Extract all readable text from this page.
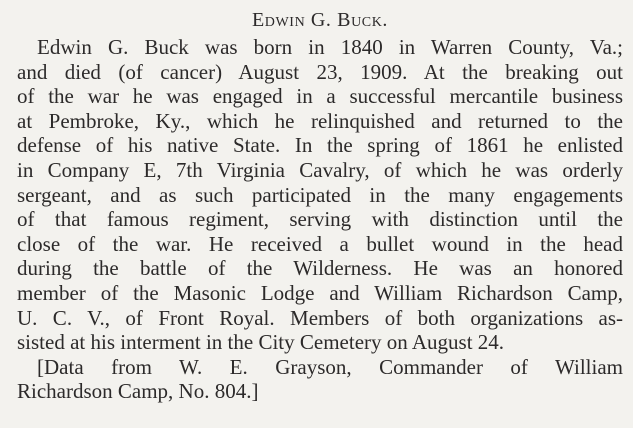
Edwin G. Buck.
Edwin G. Buck was born in 1840 in Warren County, Va.;
and died (of cancer) August 23, 1909. At the breaking out
of the war he was engaged in a successful mercantile business
at Pembroke, Ky., which he relinquished and returned to the
defense of his native State. In the spring of 1861 he enlisted
in Company E, 7th Virginia Cavalry, of which he was orderly
sergeant, and as such participated in the many engagements
of that famous regiment, serving with distinction until the
close of the war. He received a bullet wound in the head
during the battle of the Wilderness. He was an honored
member of the Masonic Lodge and William Richardson Camp,
U. C. V., of Front Royal. Members of both organizations as-
sisted at his interment in the City Cemetery on August 24.
[Data from W. E. Grayson, Commander of William
Richardson Camp, No. 804.]
